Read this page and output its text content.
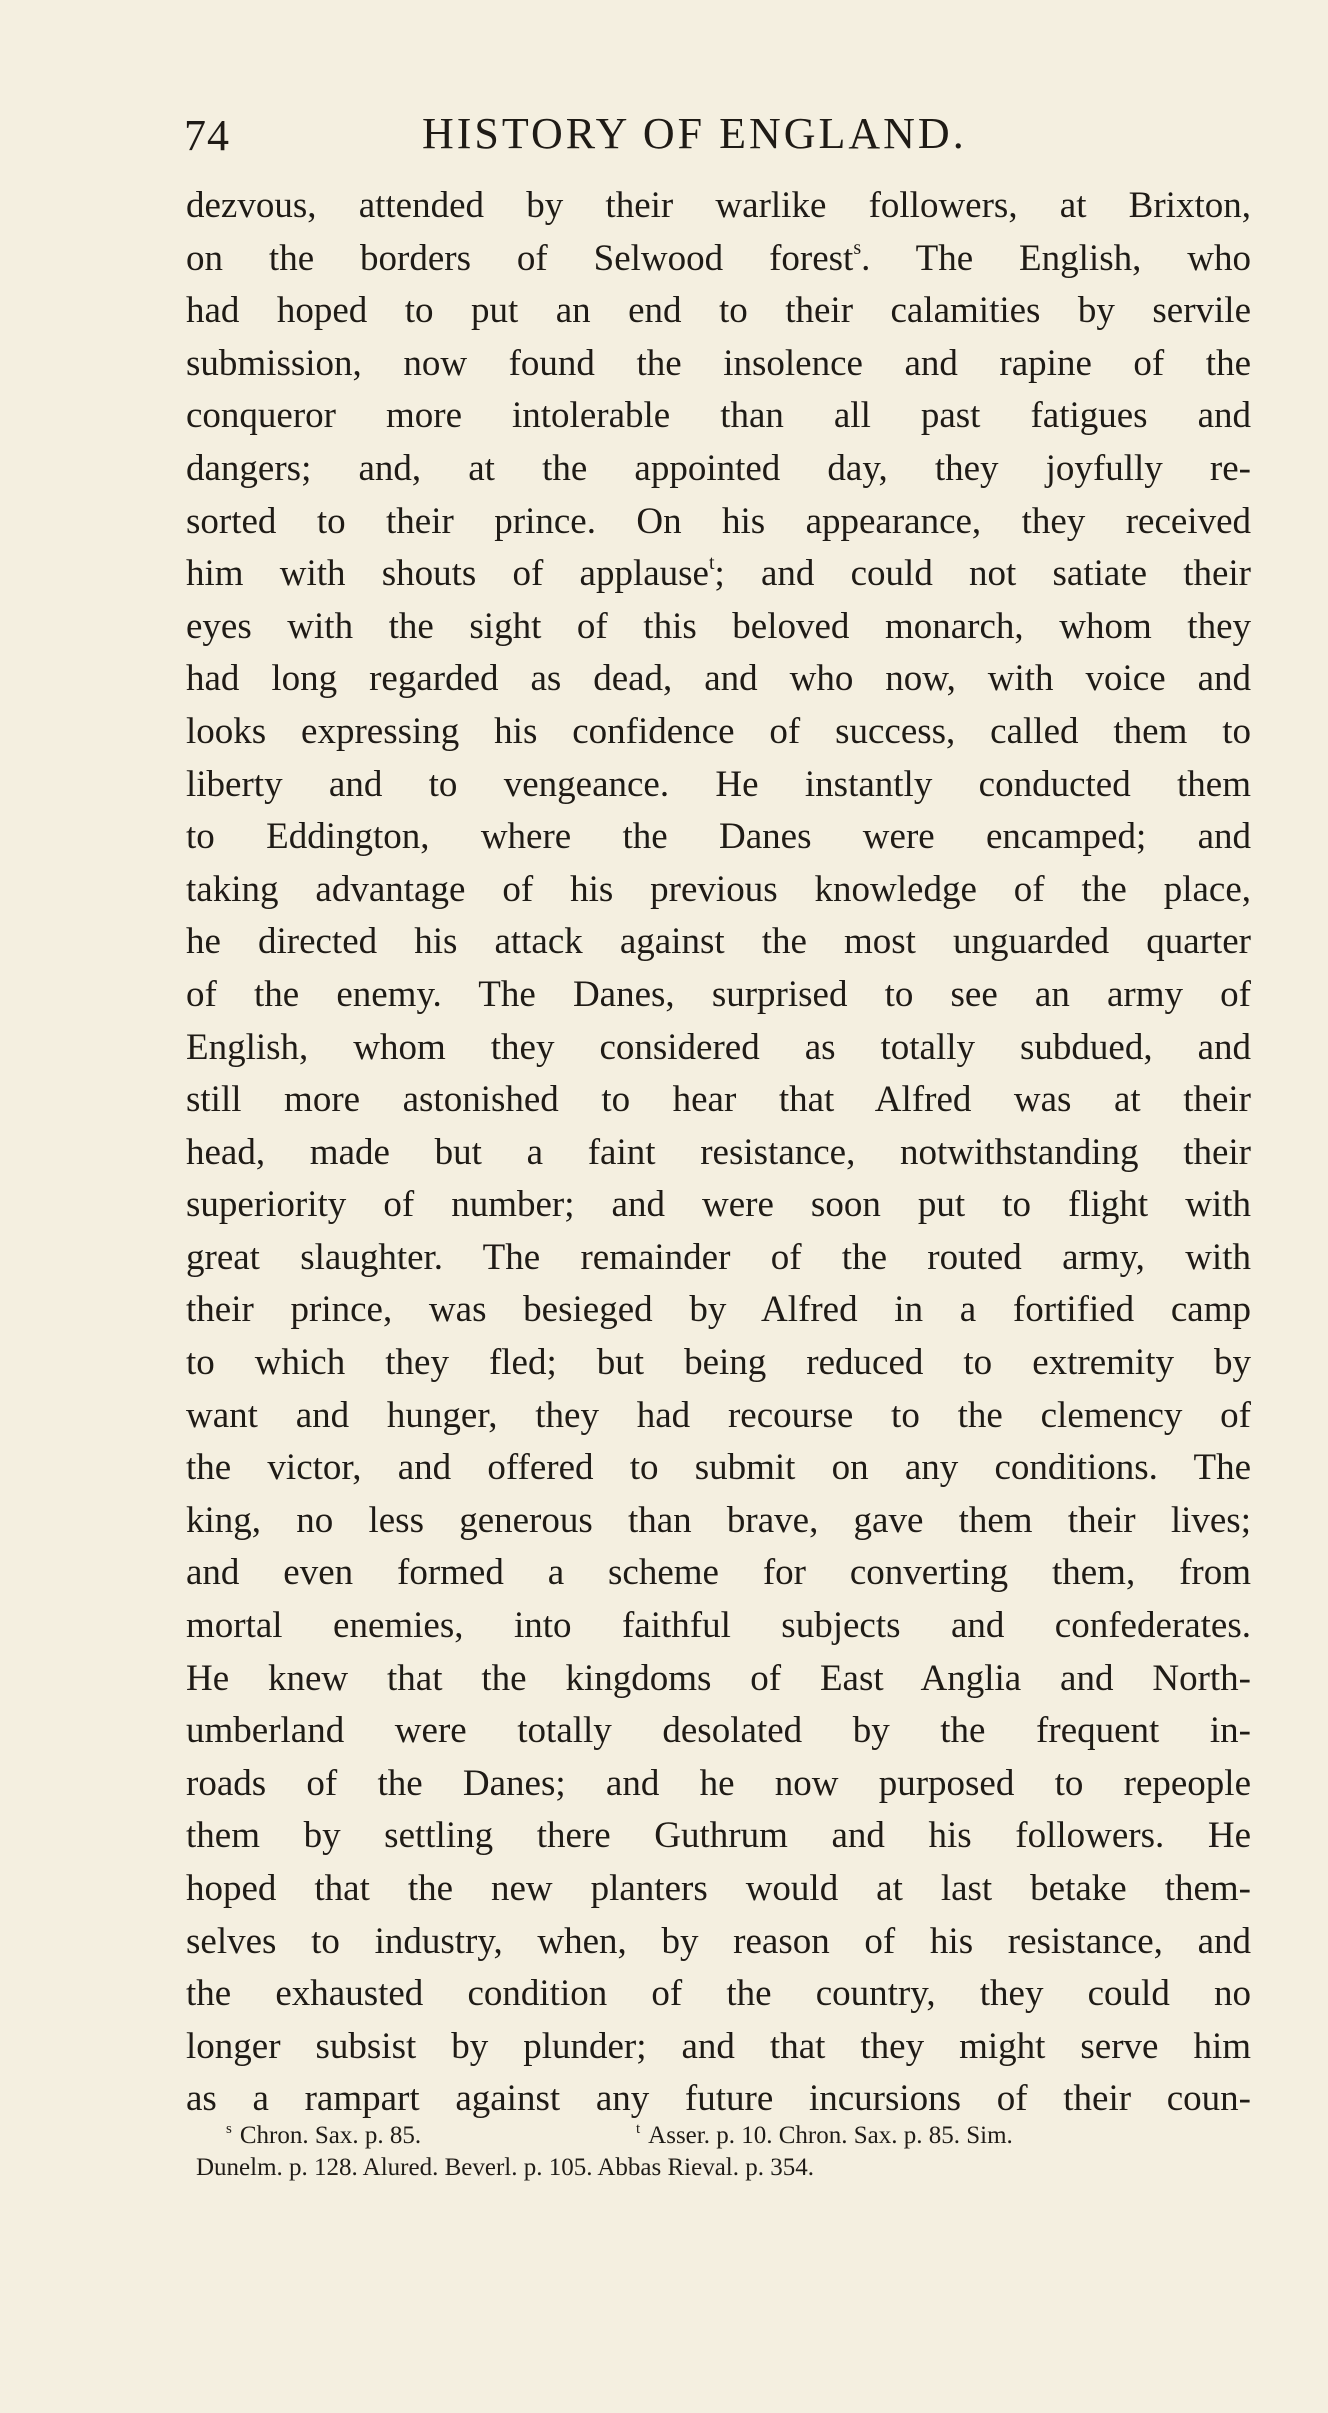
74	HISTORY OF ENGLAND.
dezvous, attended by their warlike followers, at Brixton,
on the borders of Selwood forest$^s$. The English, who
had hoped to put an end to their calamities by servile
submission, now found the insolence and rapine of the
conqueror more intolerable than all past fatigues and
dangers; and, at the appointed day, they joyfully re-
sorted to their prince. On his appearance, they received
him with shouts of applause$^t$; and could not satiate their
eyes with the sight of this beloved monarch, whom they
had long regarded as dead, and who now, with voice and
looks expressing his confidence of success, called them to
liberty and to vengeance. He instantly conducted them
to Eddington, where the Danes were encamped; and
taking advantage of his previous knowledge of the place,
he directed his attack against the most unguarded quarter
of the enemy. The Danes, surprised to see an army of
English, whom they considered as totally subdued, and
still more astonished to hear that Alfred was at their
head, made but a faint resistance, notwithstanding their
superiority of number; and were soon put to flight with
great slaughter. The remainder of the routed army, with
their prince, was besieged by Alfred in a fortified camp
to which they fled; but being reduced to extremity by
want and hunger, they had recourse to the clemency of
the victor, and offered to submit on any conditions. The
king, no less generous than brave, gave them their lives;
and even formed a scheme for converting them, from
mortal enemies, into faithful subjects and confederates.
He knew that the kingdoms of East Anglia and North-
umberland were totally desolated by the frequent in-
roads of the Danes; and he now purposed to repeople
them by settling there Guthrum and his followers. He
hoped that the new planters would at last betake them-
selves to industry, when, by reason of his resistance, and
the exhausted condition of the country, they could no
longer subsist by plunder; and that they might serve him
as a rampart against any future incursions of their coun-
$^s$ Chron. Sax. p. 85.	$^t$ Asser. p. 10. Chron. Sax. p. 85. Sim.
Dunelm. p. 128. Alured. Beverl. p. 105. Abbas Rieval. p. 354.
